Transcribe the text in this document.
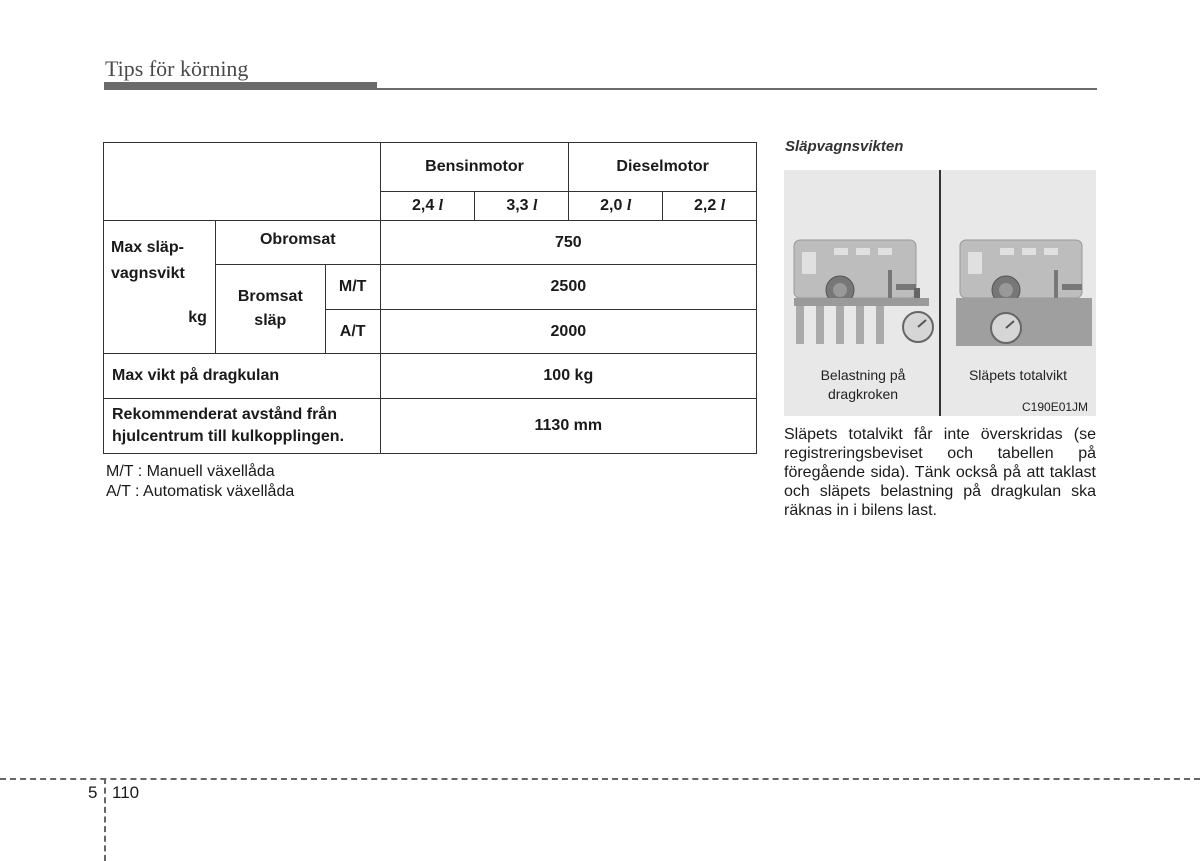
Tips för körning
			Bensinmotor		Dieselmotor	
			2,4 l	3,3 l	2,0 l	2,2 l

Max släp-
vagnsvikt
kg	Obromsat		750			

	Bromsat
släp	M/T	2500			
		A/T	2000			
Max vikt på dragkulan			100 kg			

Rekommenderat avstånd från
hjulcentrum till kulkopplingen.			1130 mm			
M/T : Manuell växellåda
A/T : Automatisk växellåda
Släpvagnsvikten
Belastning på
dragkroken
Släpets totalvikt
C190E01JM
Släpets totalvikt får inte överskridas (se registreringsbeviset och tabellen på föregående sida). Tänk också på att taklast och släpets belastning på dragkulan ska räknas in i bilens last.
5 110
